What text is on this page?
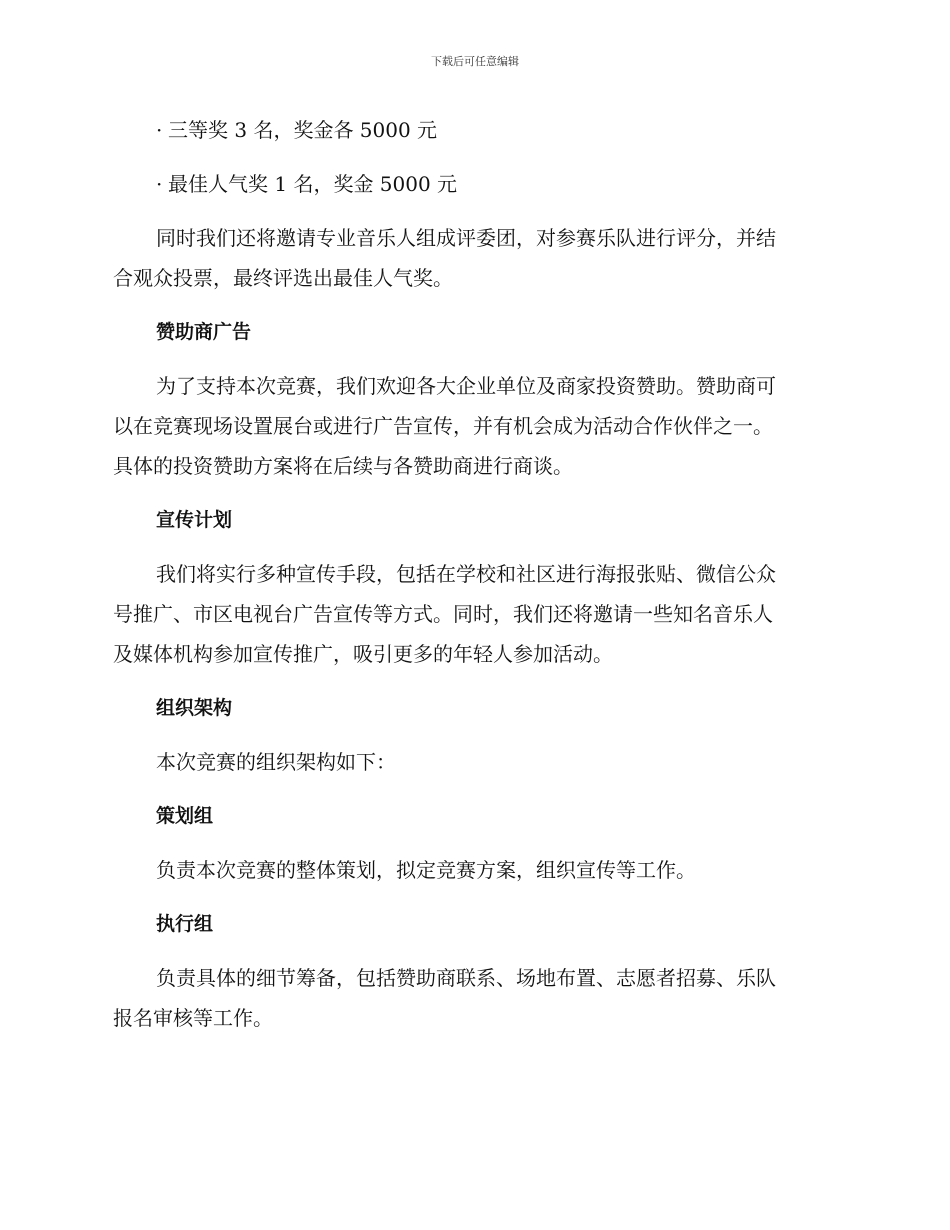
下载后可任意编辑
· 三等奖 3 名，奖金各 5000 元
· 最佳人气奖 1 名，奖金 5000 元
同时我们还将邀请专业音乐人组成评委团，对参赛乐队进行评分，并结
合观众投票，最终评选出最佳人气奖。
赞助商广告
为了支持本次竞赛，我们欢迎各大企业单位及商家投资赞助。赞助商可
以在竞赛现场设置展台或进行广告宣传，并有机会成为活动合作伙伴之一。
具体的投资赞助方案将在后续与各赞助商进行商谈。
宣传计划
我们将实行多种宣传手段，包括在学校和社区进行海报张贴、微信公众
号推广、市区电视台广告宣传等方式。同时，我们还将邀请一些知名音乐人
及媒体机构参加宣传推广，吸引更多的年轻人参加活动。
组织架构
本次竞赛的组织架构如下：
策划组
负责本次竞赛的整体策划，拟定竞赛方案，组织宣传等工作。
执行组
负责具体的细节筹备，包括赞助商联系、场地布置、志愿者招募、乐队
报名审核等工作。
